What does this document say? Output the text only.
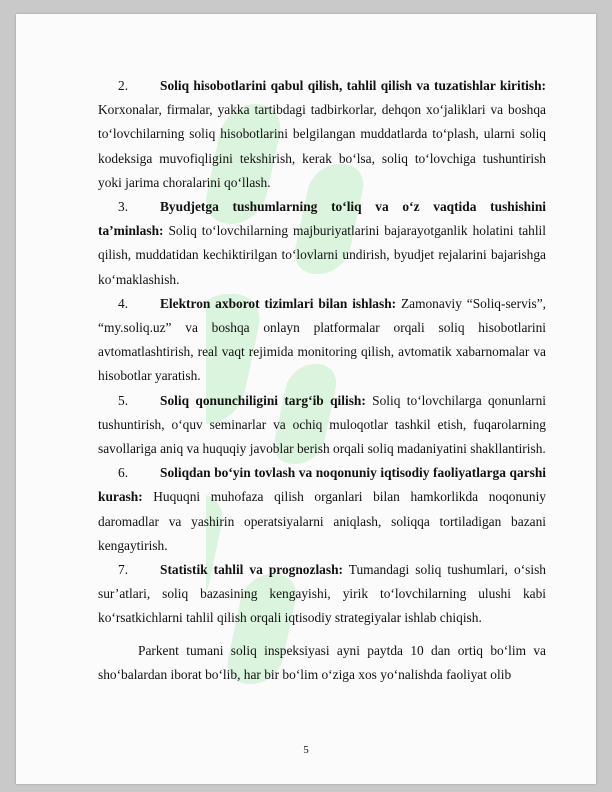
2. Soliq hisobotlarini qabul qilish, tahlil qilish va tuzatishlar kiritish: Korxonalar, firmalar, yakka tartibdagi tadbirkorlar, dehqon xo‘jaliklari va boshqa to‘lovchilarning soliq hisobotlarini belgilangan muddatlarda to‘plash, ularni soliq kodeksiga muvofiqligini tekshirish, kerak bo‘lsa, soliq to‘lovchiga tushuntirish yoki jarima choralarini qo‘llash.

3. Byudjetga tushumlarning to‘liq va o‘z vaqtida tushishini ta’minlash: Soliq to‘lovchilarning majburiyatlarini bajarayotganlik holatini tahlil qilish, muddatidan kechiktirilgan to‘lovlarni undirish, byudjet rejalarini bajarishga ko‘maklashish.

4. Elektron axborot tizimlari bilan ishlash: Zamonaviy “Soliq-servis”, “my.soliq.uz” va boshqa onlayn platformalar orqali soliq hisobotlarini avtomatlashtirish, real vaqt rejimida monitoring qilish, avtomatik xabarnomalar va hisobotlar yaratish.

5. Soliq qonunchiligini targ‘ib qilish: Soliq to‘lovchilarga qonunlarni tushuntirish, o‘quv seminarlar va ochiq muloqotlar tashkil etish, fuqarolarning savollariga aniq va huquqiy javoblar berish orqali soliq madaniyatini shakllantirish.

6. Soliqdan bo‘yin tovlash va noqonuniy iqtisodiy faoliyatlarga qarshi kurash: Huquqni muhofaza qilish organlari bilan hamkorlikda noqonuniy daromadlar va yashirin operatsiyalarni aniqlash, soliqqa tortiladigan bazani kengaytirish.

7. Statistik tahlil va prognozlash: Tumandagi soliq tushumlari, o‘sish sur’atlari, soliq bazasining kengayishi, yirik to‘lovchilarning ulushi kabi ko‘rsatkichlarni tahlil qilish orqali iqtisodiy strategiyalar ishlab chiqish.

Parkent tumani soliq inspeksiyasi ayni paytda 10 dan ortiq bo‘lim va sho‘balardan iborat bo‘lib, har bir bo‘lim o‘ziga xos yo‘nalishda faoliyat olib

5
